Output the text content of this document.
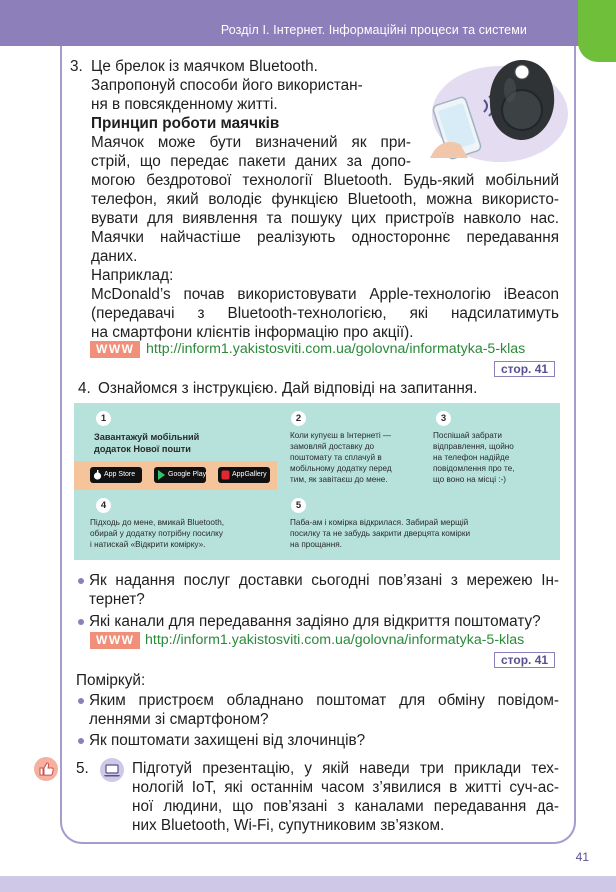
Розділ І. Інтернет. Інформаційні процеси та системи
3. Це брелок із маячком Bluetooth.
Запропонуй способи його використан-
ня в повсякденному житті.
Принцип роботи маячків
Маячок може бути визначений як при-
стрій, що передає пакети даних за допо-
могою бездротової технології Bluetooth. Будь-який мобільний
телефон, який володіє функцією Bluetooth, можна використо-
вувати для виявлення та пошуку цих пристроїв навколо нас.
Маячки найчастіше реалізують одностороннє передавання
даних.
Наприклад:
McDonald’s почав використовувати Apple-технологію iBeacon
(передавачі з Bluetooth-технологією, які надсилатимуть
на смартфони клієнтів інформацію про акції).
WWW http://inform1.yakistosviti.com.ua/golovna/informatyka-5-klas
стор. 41
4. Ознайомся з інструкцією. Дай відповіді на запитання.
1
Завантажуй мобільний
додаток Нової пошти
App Store	Google Play	AppGallery
2
Коли купуєш в Інтернеті —
замовляй доставку до
поштомату та сплачуй в
мобільному додатку перед
тим, як завітаєш до мене.
3
Поспішай забрати
відправлення, щойно
на телефон надійде
повідомлення про те,
що воно на місці :-)
4
Підходь до мене, вмикай Bluetooth,
обирай у додатку потрібну посилку
і натискай «Відкрити комірку».
5
Паба-ам і комірка відкрилася. Забирай мерщій
посилку та не забудь закрити дверцята комірки
на прощання.
Як надання послуг доставки сьогодні пов’язані з мережею Ін-
тернет?
Які канали для передавання задіяно для відкриття поштомату?
WWW http://inform1.yakistosviti.com.ua/golovna/informatyka-5-klas
стор. 41
Поміркуй:
Яким пристроєм обладнано поштомат для обміну повідом-
леннями зі смартфоном?
Як поштомати захищені від злочинців?
5.	Підготуй презентацію, у якій наведи три приклади тех-
нологій IoT, які останнім часом з’явилися в житті суч-ас-
ної людини, що пов’язані з каналами передавання да-
них Bluetooth, Wi-Fi, супутниковим зв’язком.
41
